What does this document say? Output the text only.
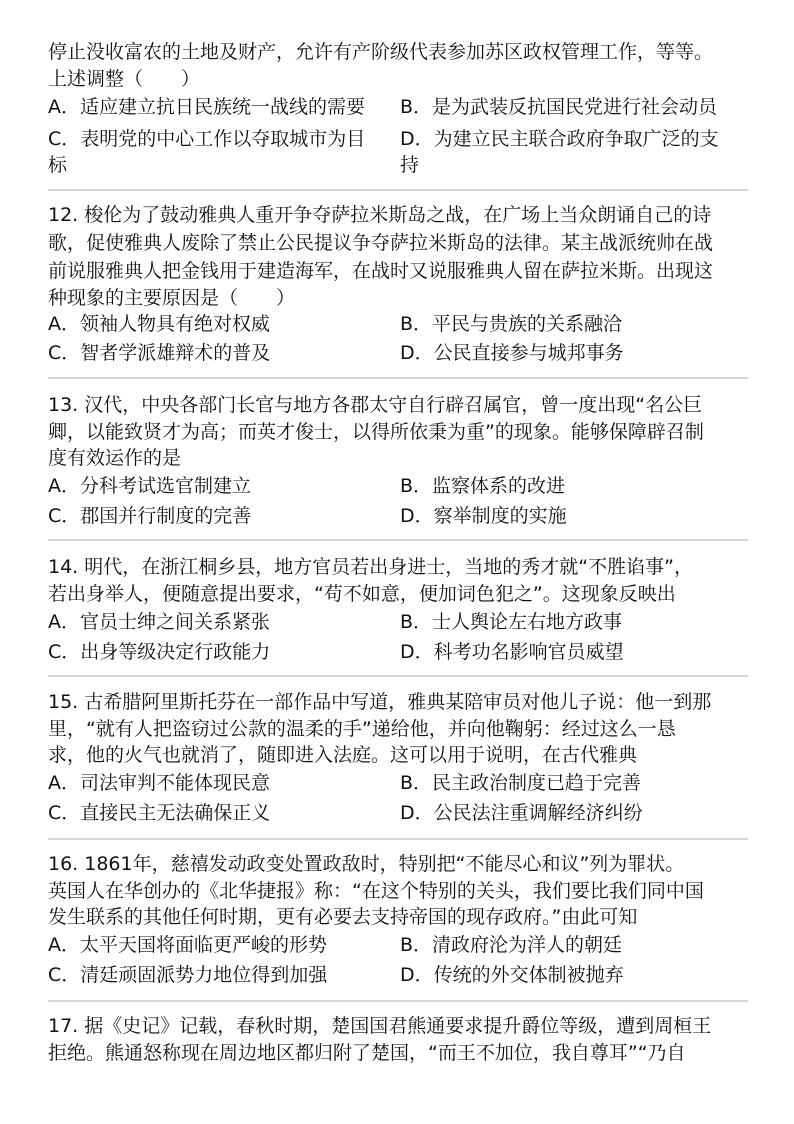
停止没收富农的土地及财产，允许有产阶级代表参加苏区政权管理工作，等等。
上述调整（　　）
A．适应建立抗日民族统一战线的需要 B．是为武装反抗国民党进行社会动员
C．表明党的中心工作以夺取城市为目 D．为建立民主联合政府争取广泛的支
标	持
12. 梭伦为了鼓动雅典人重开争夺萨拉米斯岛之战，在广场上当众朗诵自己的诗
歌，促使雅典人废除了禁止公民提议争夺萨拉米斯岛的法律。某主战派统帅在战
前说服雅典人把金钱用于建造海军，在战时又说服雅典人留在萨拉米斯。出现这
种现象的主要原因是（　　）
A．领袖人物具有绝对权威	B．平民与贵族的关系融洽
C．智者学派雄辩术的普及	D．公民直接参与城邦事务
13. 汉代，中央各部门长官与地方各郡太守自行辟召属官，曾一度出现“名公巨
卿，以能致贤才为高；而英才俊士，以得所依秉为重”的现象。能够保障辟召制
度有效运作的是
A．分科考试选官制建立	B．监察体系的改进
C．郡国并行制度的完善	D．察举制度的实施
14. 明代，在浙江桐乡县，地方官员若出身进士，当地的秀才就“不胜谄事”，
若出身举人，便随意提出要求，“苟不如意，便加词色犯之”。这现象反映出
A．官员士绅之间关系紧张	B．士人舆论左右地方政事
C．出身等级决定行政能力	D．科考功名影响官员威望
15. 古希腊阿里斯托芬在一部作品中写道，雅典某陪审员对他儿子说：他一到那
里，“就有人把盗窃过公款的温柔的手”递给他，并向他鞠躬：经过这么一恳
求，他的火气也就消了，随即进入法庭。这可以用于说明，在古代雅典
A．司法审判不能体现民意	B．民主政治制度已趋于完善
C．直接民主无法确保正义	D．公民法注重调解经济纠纷
16. 1861年，慈禧发动政变处置政敌时，特别把“不能尽心和议”列为罪状。
英国人在华创办的《北华捷报》称：“在这个特别的关头，我们要比我们同中国
发生联系的其他任何时期，更有必要去支持帝国的现存政府。”由此可知
A．太平天国将面临更严峻的形势	B．清政府沦为洋人的朝廷
C．清廷顽固派势力地位得到加强	D．传统的外交体制被抛弃
17. 据《史记》记载，春秋时期，楚国国君熊通要求提升爵位等级，遭到周桓王
拒绝。熊通怒称现在周边地区都归附了楚国，“而王不加位，我自尊耳”“乃自
